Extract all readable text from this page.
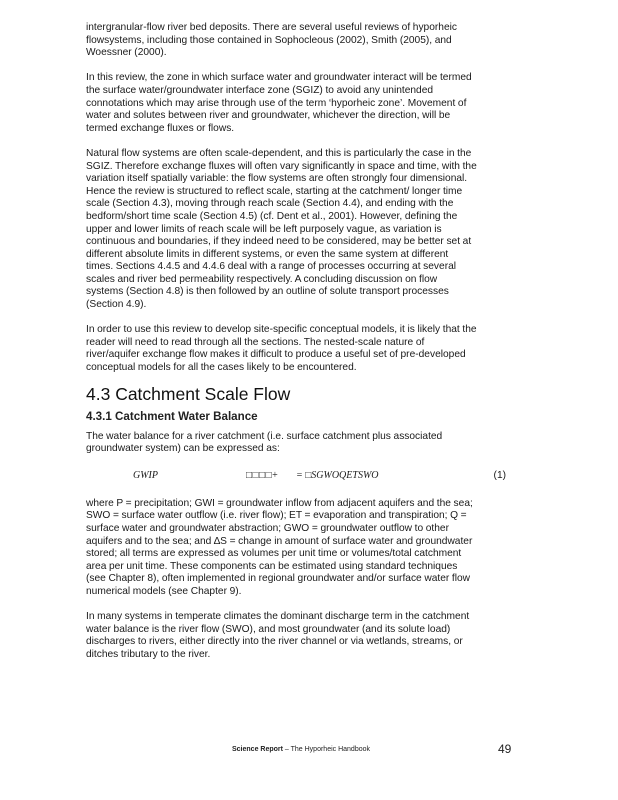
intergranular-flow river bed deposits. There are several useful reviews of hyporheic
flowsystems, including those contained in Sophocleous (2002), Smith (2005), and
Woessner (2000).

In this review, the zone in which surface water and groundwater interact will be termed
the surface water/groundwater interface zone (SGIZ) to avoid any unintended
connotations which may arise through use of the term ‘hyporheic zone’. Movement of
water and solutes between river and groundwater, whichever the direction, will be
termed exchange fluxes or flows.

Natural flow systems are often scale-dependent, and this is particularly the case in the
SGIZ. Therefore exchange fluxes will often vary significantly in space and time, with the
variation itself spatially variable: the flow systems are often strongly four dimensional.
Hence the review is structured to reflect scale, starting at the catchment/ longer time
scale (Section 4.3), moving through reach scale (Section 4.4), and ending with the
bedform/short time scale (Section 4.5) (cf. Dent et al., 2001). However, defining the
upper and lower limits of reach scale will be left purposely vague, as variation is
continuous and boundaries, if they indeed need to be considered, may be better set at
different absolute limits in different systems, or even the same system at different
times. Sections 4.4.5 and 4.4.6 deal with a range of processes occurring at several
scales and river bed permeability respectively. A concluding discussion on flow
systems (Section 4.8) is then followed by an outline of solute transport processes
(Section 4.9).

In order to use this review to develop site-specific conceptual models, it is likely that the
reader will need to read through all the sections. The nested-scale nature of
river/aquifer exchange flow makes it difficult to produce a useful set of pre-developed
conceptual models for all the cases likely to be encountered.

4.3 Catchment Scale Flow
4.3.1 Catchment Water Balance

The water balance for a river catchment (i.e. surface catchment plus associated
groundwater system) can be expressed as:

GWIP	□□□□+ = □SGWOQETSWO	(1)

where P = precipitation; GWI = groundwater inflow from adjacent aquifers and the sea;
SWO = surface water outflow (i.e. river flow); ET = evaporation and transpiration; Q =
surface water and groundwater abstraction; GWO = groundwater outflow to other
aquifers and to the sea; and ∆S = change in amount of surface water and groundwater
stored; all terms are expressed as volumes per unit time or volumes/total catchment
area per unit time. These components can be estimated using standard techniques
(see Chapter 8), often implemented in regional groundwater and/or surface water flow
numerical models (see Chapter 9).

In many systems in temperate climates the dominant discharge term in the catchment
water balance is the river flow (SWO), and most groundwater (and its solute load)
discharges to rivers, either directly into the river channel or via wetlands, streams, or
ditches tributary to the river.

Science Report – The Hyporheic Handbook	49
